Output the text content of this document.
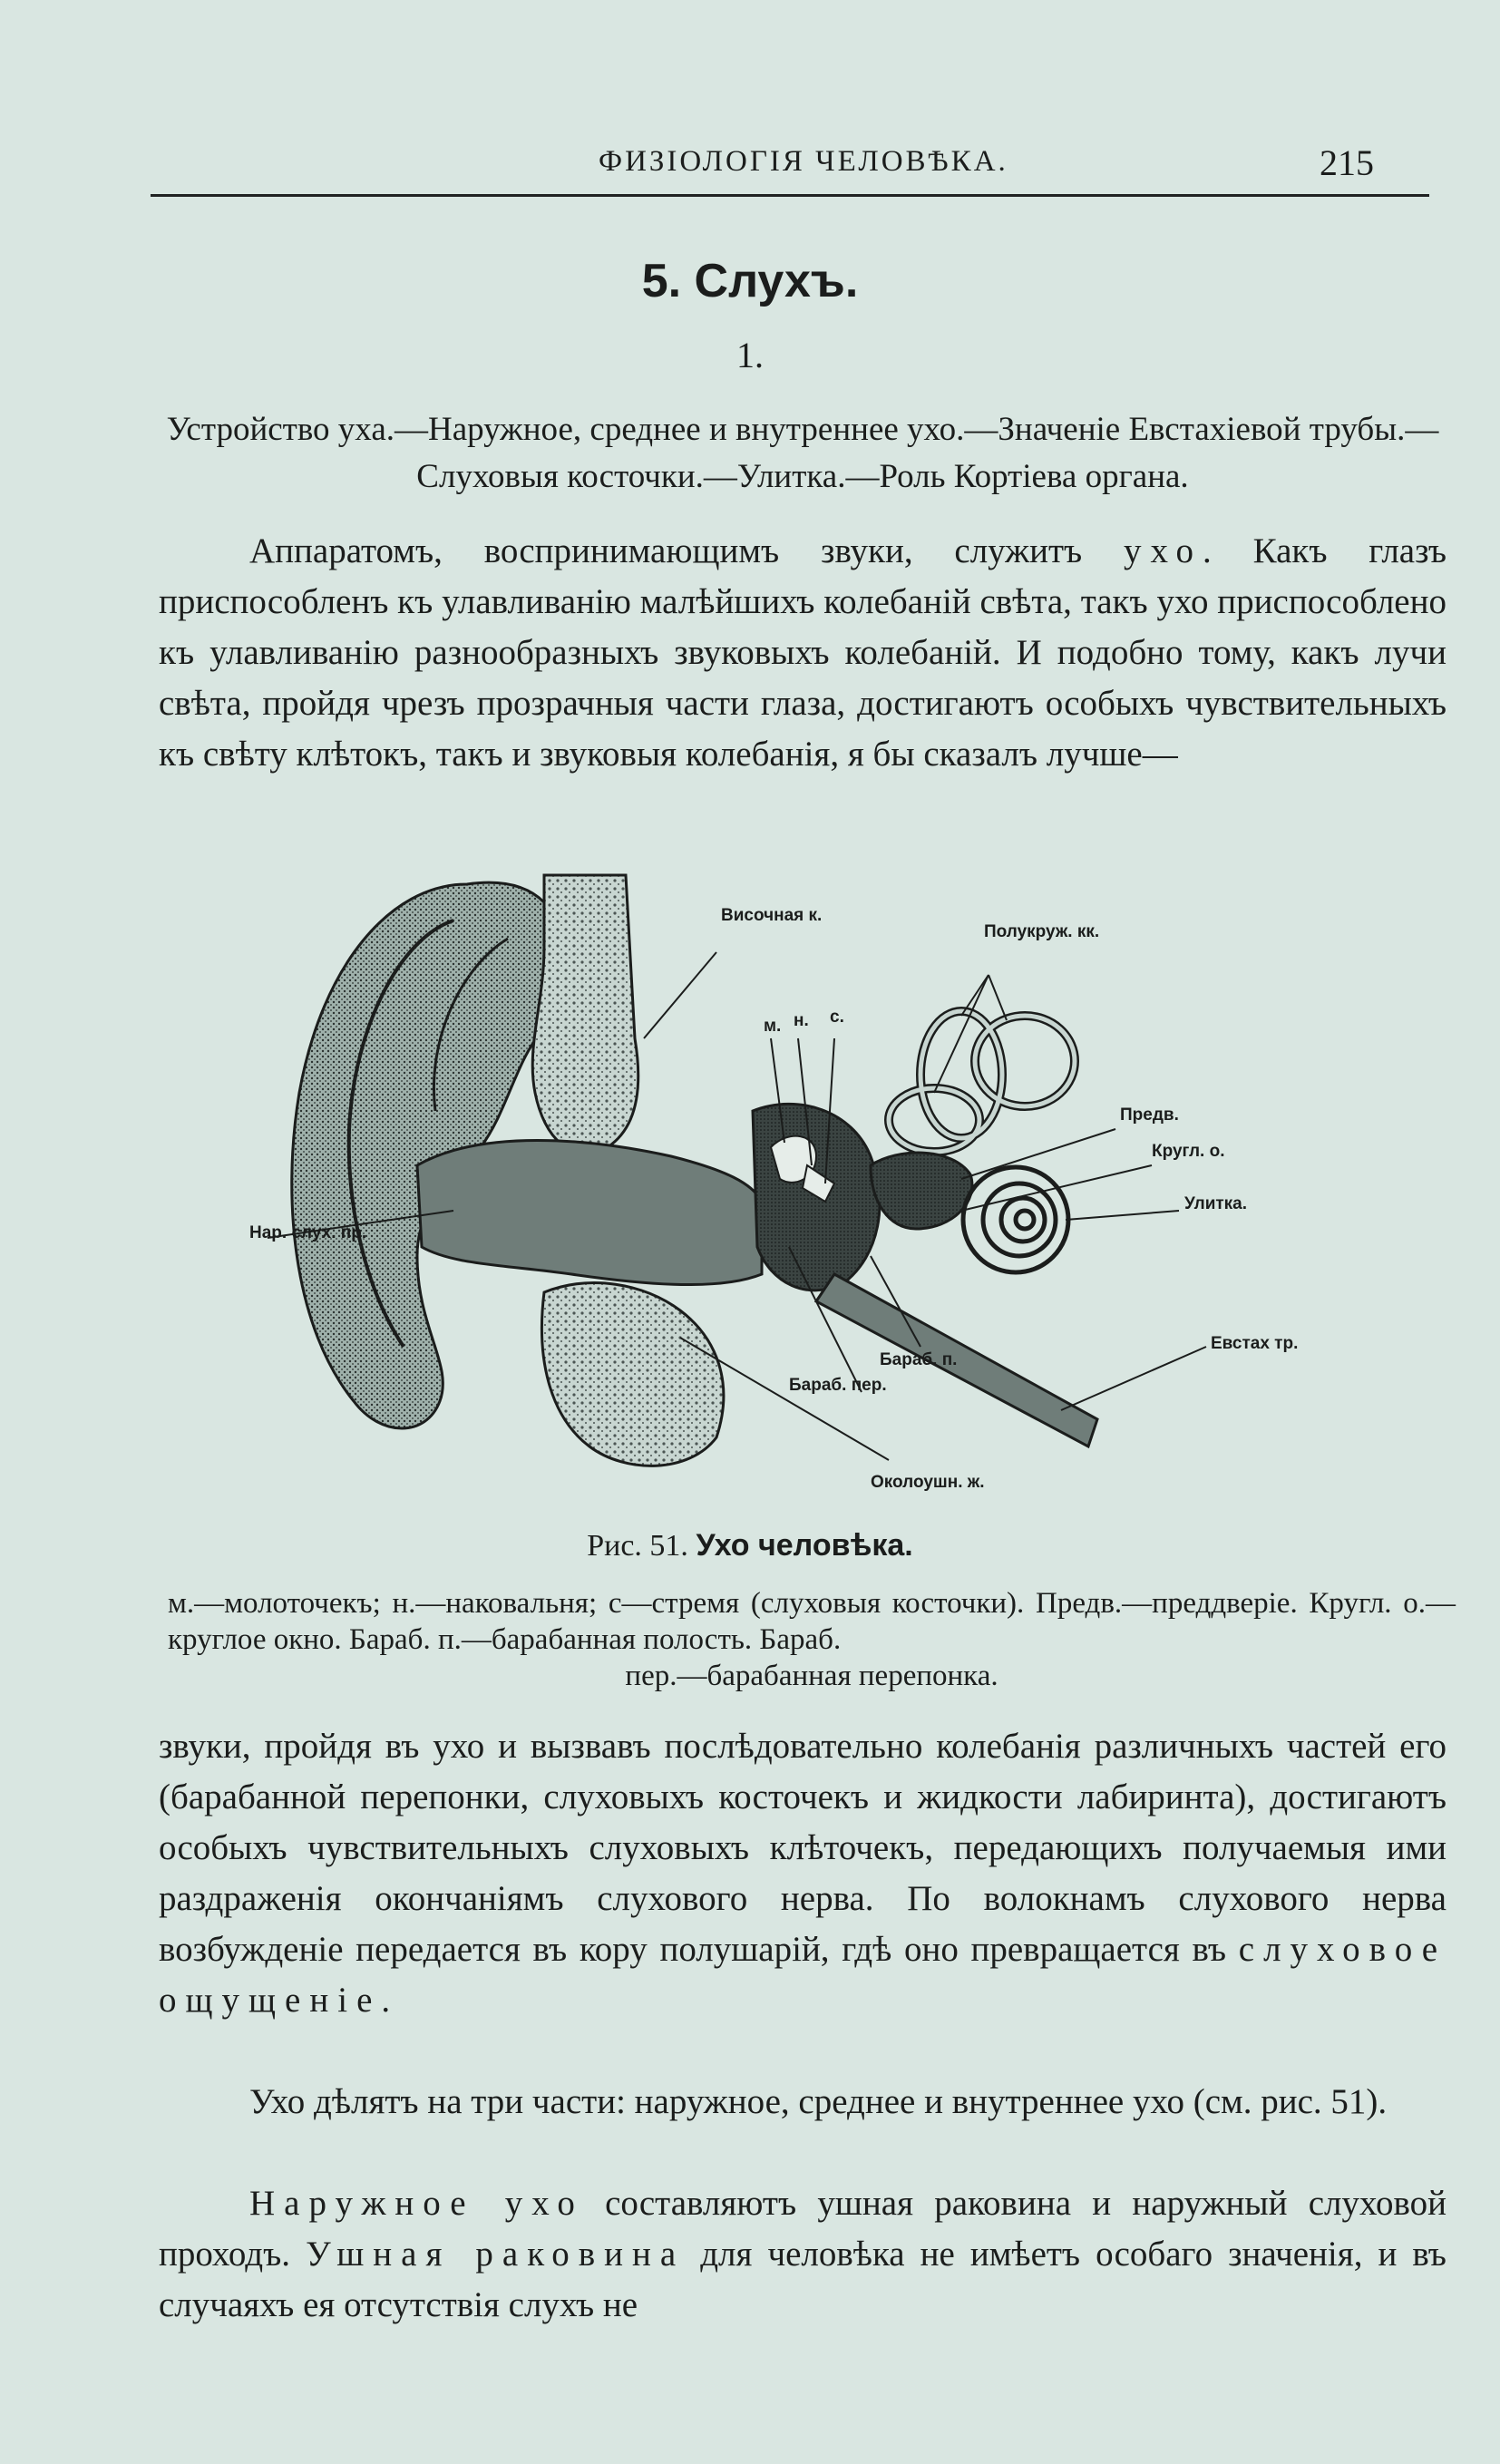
ФИЗІОЛОГІЯ ЧЕЛОВѢКА.	215
5. Слухъ.
1.
Устройство уха.—Наружное, среднее и внутреннее ухо.—Значеніе Евстахіевой трубы.—Слуховыя косточки.—Улитка.—Роль Кортіева органа.

Аппаратомъ, воспринимающимъ звуки, служитъ ухо. Какъ глазъ приспособленъ къ улавливанію малѣйшихъ колебаній свѣта, такъ ухо приспособлено къ улавливанію разнообразныхъ звуковыхъ колебаній. И подобно тому, какъ лучи свѣта, пройдя чрезъ прозрачныя части глаза, достигаютъ особыхъ чувствительныхъ къ свѣту клѣтокъ, такъ и звуковыя колебанія, я бы сказалъ лучше—

Височная к.
Полукруж. кк.
м. н. с.
Предв.
Кругл. о.
Улитка.
Нар. слух. пр.
Евстах тр.
Бараб. п.
Бараб. пер.
Околоушн. ж.
Рис. 51. Ухо человѣка.
м.—молоточекъ; н.—наковальня; с—стремя (слуховыя косточки). Предв.—преддверіе. Кругл. о.—круглое окно. Бараб. п.—барабанная полость. Бараб.
пер.—барабанная перепонка.

звуки, пройдя въ ухо и вызвавъ послѣдовательно колебанія различныхъ частей его (барабанной перепонки, слуховыхъ косточекъ и жидкости лабиринта), достигаютъ особыхъ чувствительныхъ слуховыхъ клѣточекъ, передающихъ получаемыя ими раздраженія окончаніямъ слухового нерва. По волокнамъ слухового нерва возбужденіе передается въ кору полушарій, гдѣ оно превращается въ слуховое ощущеніе.

Ухо дѣлятъ на три части: наружное, среднее и внутреннее ухо (см. рис. 51).

Наружное ухо составляютъ ушная раковина и наружный слуховой проходъ. Ушная раковина для человѣка не имѣетъ особаго значенія, и въ случаяхъ ея отсутствія слухъ не
